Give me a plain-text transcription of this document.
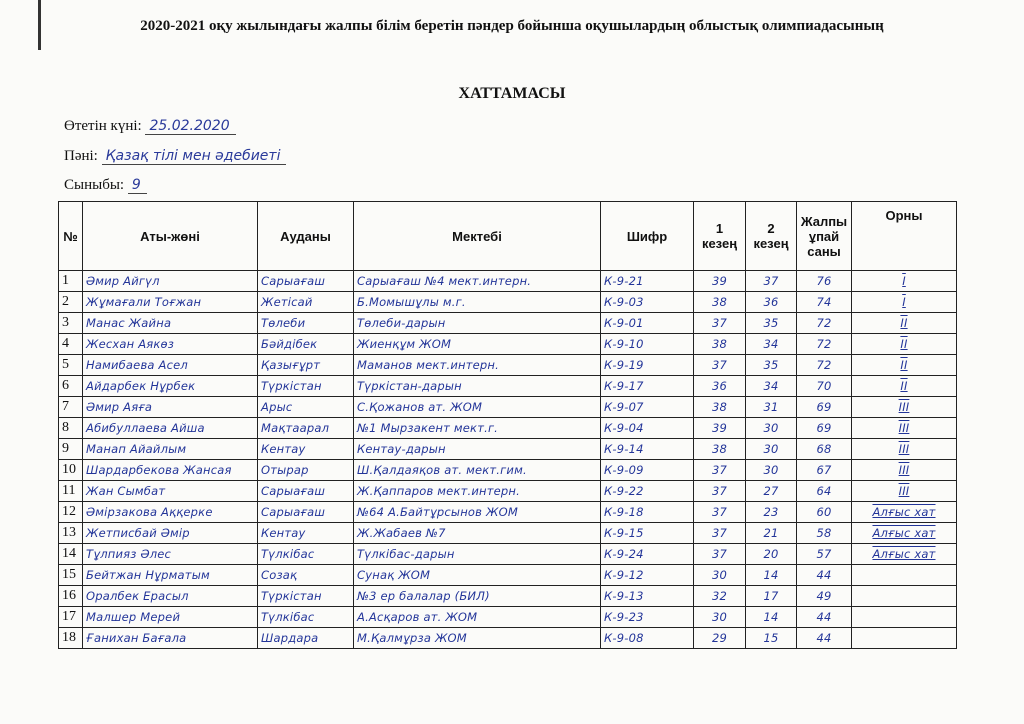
2020-2021 оқу жылындағы жалпы білім беретін пәндер бойынша оқушылардың облыстық олимпиадасының
ХАТТАМАСЫ
Өтетін күні: 25.02.2020
Пәні: Қазақ тілі мен әдебиеті
Сыныбы: 9
№	Аты-жөні	Ауданы	Мектебі	Шифр	1 кезең	2 кезең	Жалпы ұпай саны	Орны
1	Әмир Айгүл	Сарыағаш	Сарыағаш №4 мект.интерн.	К-9-21	39	37	76	I
2	Жұмағали Тоғжан	Жетісай	Б.Момышұлы м.г.	К-9-03	38	36	74	I
3	Манас Жайна	Төлеби	Төлеби-дарын	К-9-01	37	35	72	II
4	Жесхан Аякөз	Бәйдібек	Жиенқұм ЖОМ	К-9-10	38	34	72	II
5	Намибаева Асел	Қазығұрт	Маманов мект.интерн.	К-9-19	37	35	72	II
6	Айдарбек Нұрбек	Түркістан	Түркістан-дарын	К-9-17	36	34	70	II
7	Әмир Аяға	Арыс	С.Қожанов ат. ЖОМ	К-9-07	38	31	69	III
8	Абибуллаева Айша	Мақтаарал	№1 Мырзакент мект.г.	К-9-04	39	30	69	III
9	Манап Айайлым	Кентау	Кентау-дарын	К-9-14	38	30	68	III
10	Шардарбекова Жансая	Отырар	Ш.Қалдаяқов ат. мект.гим.	К-9-09	37	30	67	III
11	Жан Сымбат	Сарыағаш	Ж.Қаппаров мект.интерн.	К-9-22	37	27	64	III
12	Әмірзакова Аққерке	Сарыағаш	№64 А.Байтұрсынов ЖОМ	К-9-18	37	23	60	Алғыс хат
13	Жетписбай Әмір	Кентау	Ж.Жабаев №7	К-9-15	37	21	58	Алғыс хат
14	Тұлпияз Әлес	Түлкібас	Түлкібас-дарын	К-9-24	37	20	57	Алғыс хат
15	Бейтжан Нұрматым	Созақ	Сунақ ЖОМ	К-9-12	30	14	44	
16	Оралбек Ерасыл	Түркістан	№3 ер балалар (БИЛ)	К-9-13	32	17	49	
17	Малшер Мерей	Түлкібас	А.Асқаров ат. ЖОМ	К-9-23	30	14	44	
18	Ғанихан Бағала	Шардара	М.Қалмұрза ЖОМ	К-9-08	29	15	44	
